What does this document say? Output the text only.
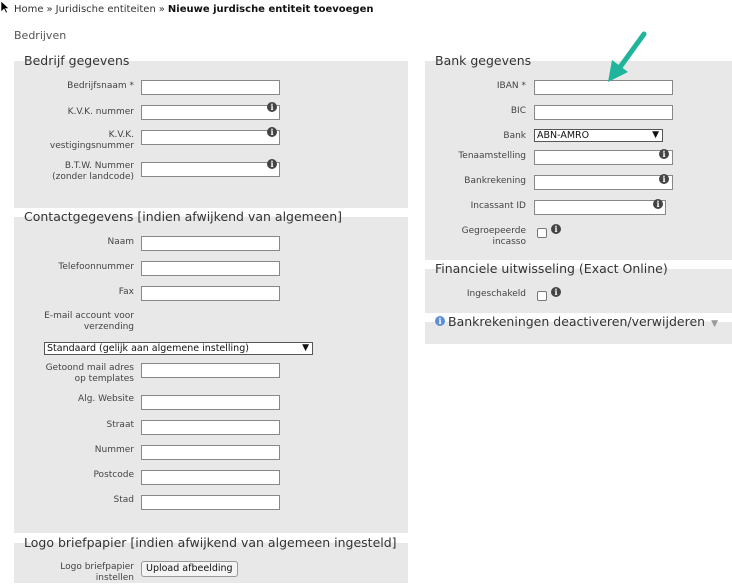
Home » Juridische entiteiten » Nieuwe jurdische entiteit toevoegen
Bedrijven
Bedrijf gegevens
Bedrijfsnaam *
K.V.K. nummer	i
K.V.K.
vestigingsnummer
i
B.T.W. Nummer
(zonder landcode)
i
Contactgegevens [indien afwijkend van algemeen]
Naam
Telefoonnummer
Fax
E-mail account voor
verzending
Standaard (gelijk aan algemene instelling)	▼
Getoond mail adres
op templates
Alg. Website
Straat
Nummer
Postcode
Stad
Logo briefpapier [indien afwijkend van algemeen ingesteld]
Logo briefpapier
instellen
Upload afbeelding
Bank gegevens
IBAN *
BIC
Bank	ABN-AMRO	▼
Tenaamstelling	i
Bankrekening	i
Incassant ID	i
Gegroepeerde
incasso
i
Financiele uitwisseling (Exact Online)
Ingeschakeld	i
i Bankrekeningen deactiveren/verwijderen ▼
